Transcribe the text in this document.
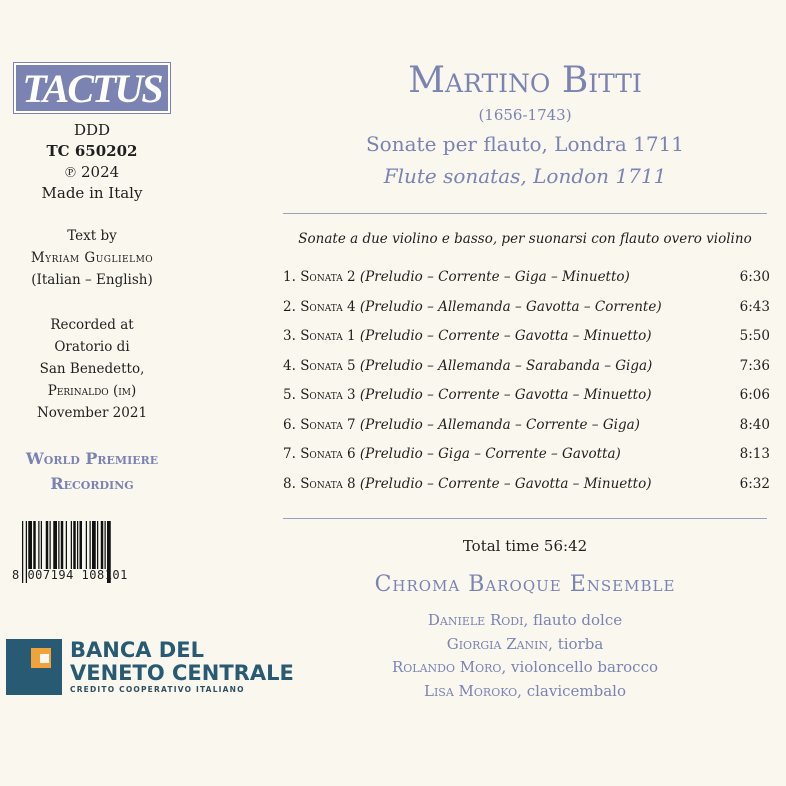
TACTUS
DDD
TC 650202
℗ 2024
Made in Italy
Text by
Myriam Guglielmo
(Italian – English)
Recorded at
Oratorio di
San Benedetto,
Perinaldo (im)
November 2021
World Premiere
Recording
8 007194 108101
BANCA DEL
VENETO CENTRALE
CREDITO COOPERATIVO ITALIANO
Martino Bitti
(1656-1743)
Sonate per flauto, Londra 1711
Flute sonatas, London 1711
Sonate a due violino e basso, per suonarsi con flauto overo violino
1. Sonata 2 (Preludio – Corrente – Giga – Minuetto)	6:30
2. Sonata 4 (Preludio – Allemanda – Gavotta – Corrente)	6:43
3. Sonata 1 (Preludio – Corrente – Gavotta – Minuetto)	5:50
4. Sonata 5 (Preludio – Allemanda – Sarabanda – Giga)	7:36
5. Sonata 3 (Preludio – Corrente – Gavotta – Minuetto)	6:06
6. Sonata 7 (Preludio – Allemanda – Corrente – Giga)	8:40
7. Sonata 6 (Preludio – Giga – Corrente – Gavotta)	8:13
8. Sonata 8 (Preludio – Corrente – Gavotta – Minuetto)	6:32
Total time 56:42
Chroma Baroque Ensemble
Daniele Rodi, flauto dolce
Giorgia Zanin, tiorba
Rolando Moro, violoncello barocco
Lisa Moroko, clavicembalo
